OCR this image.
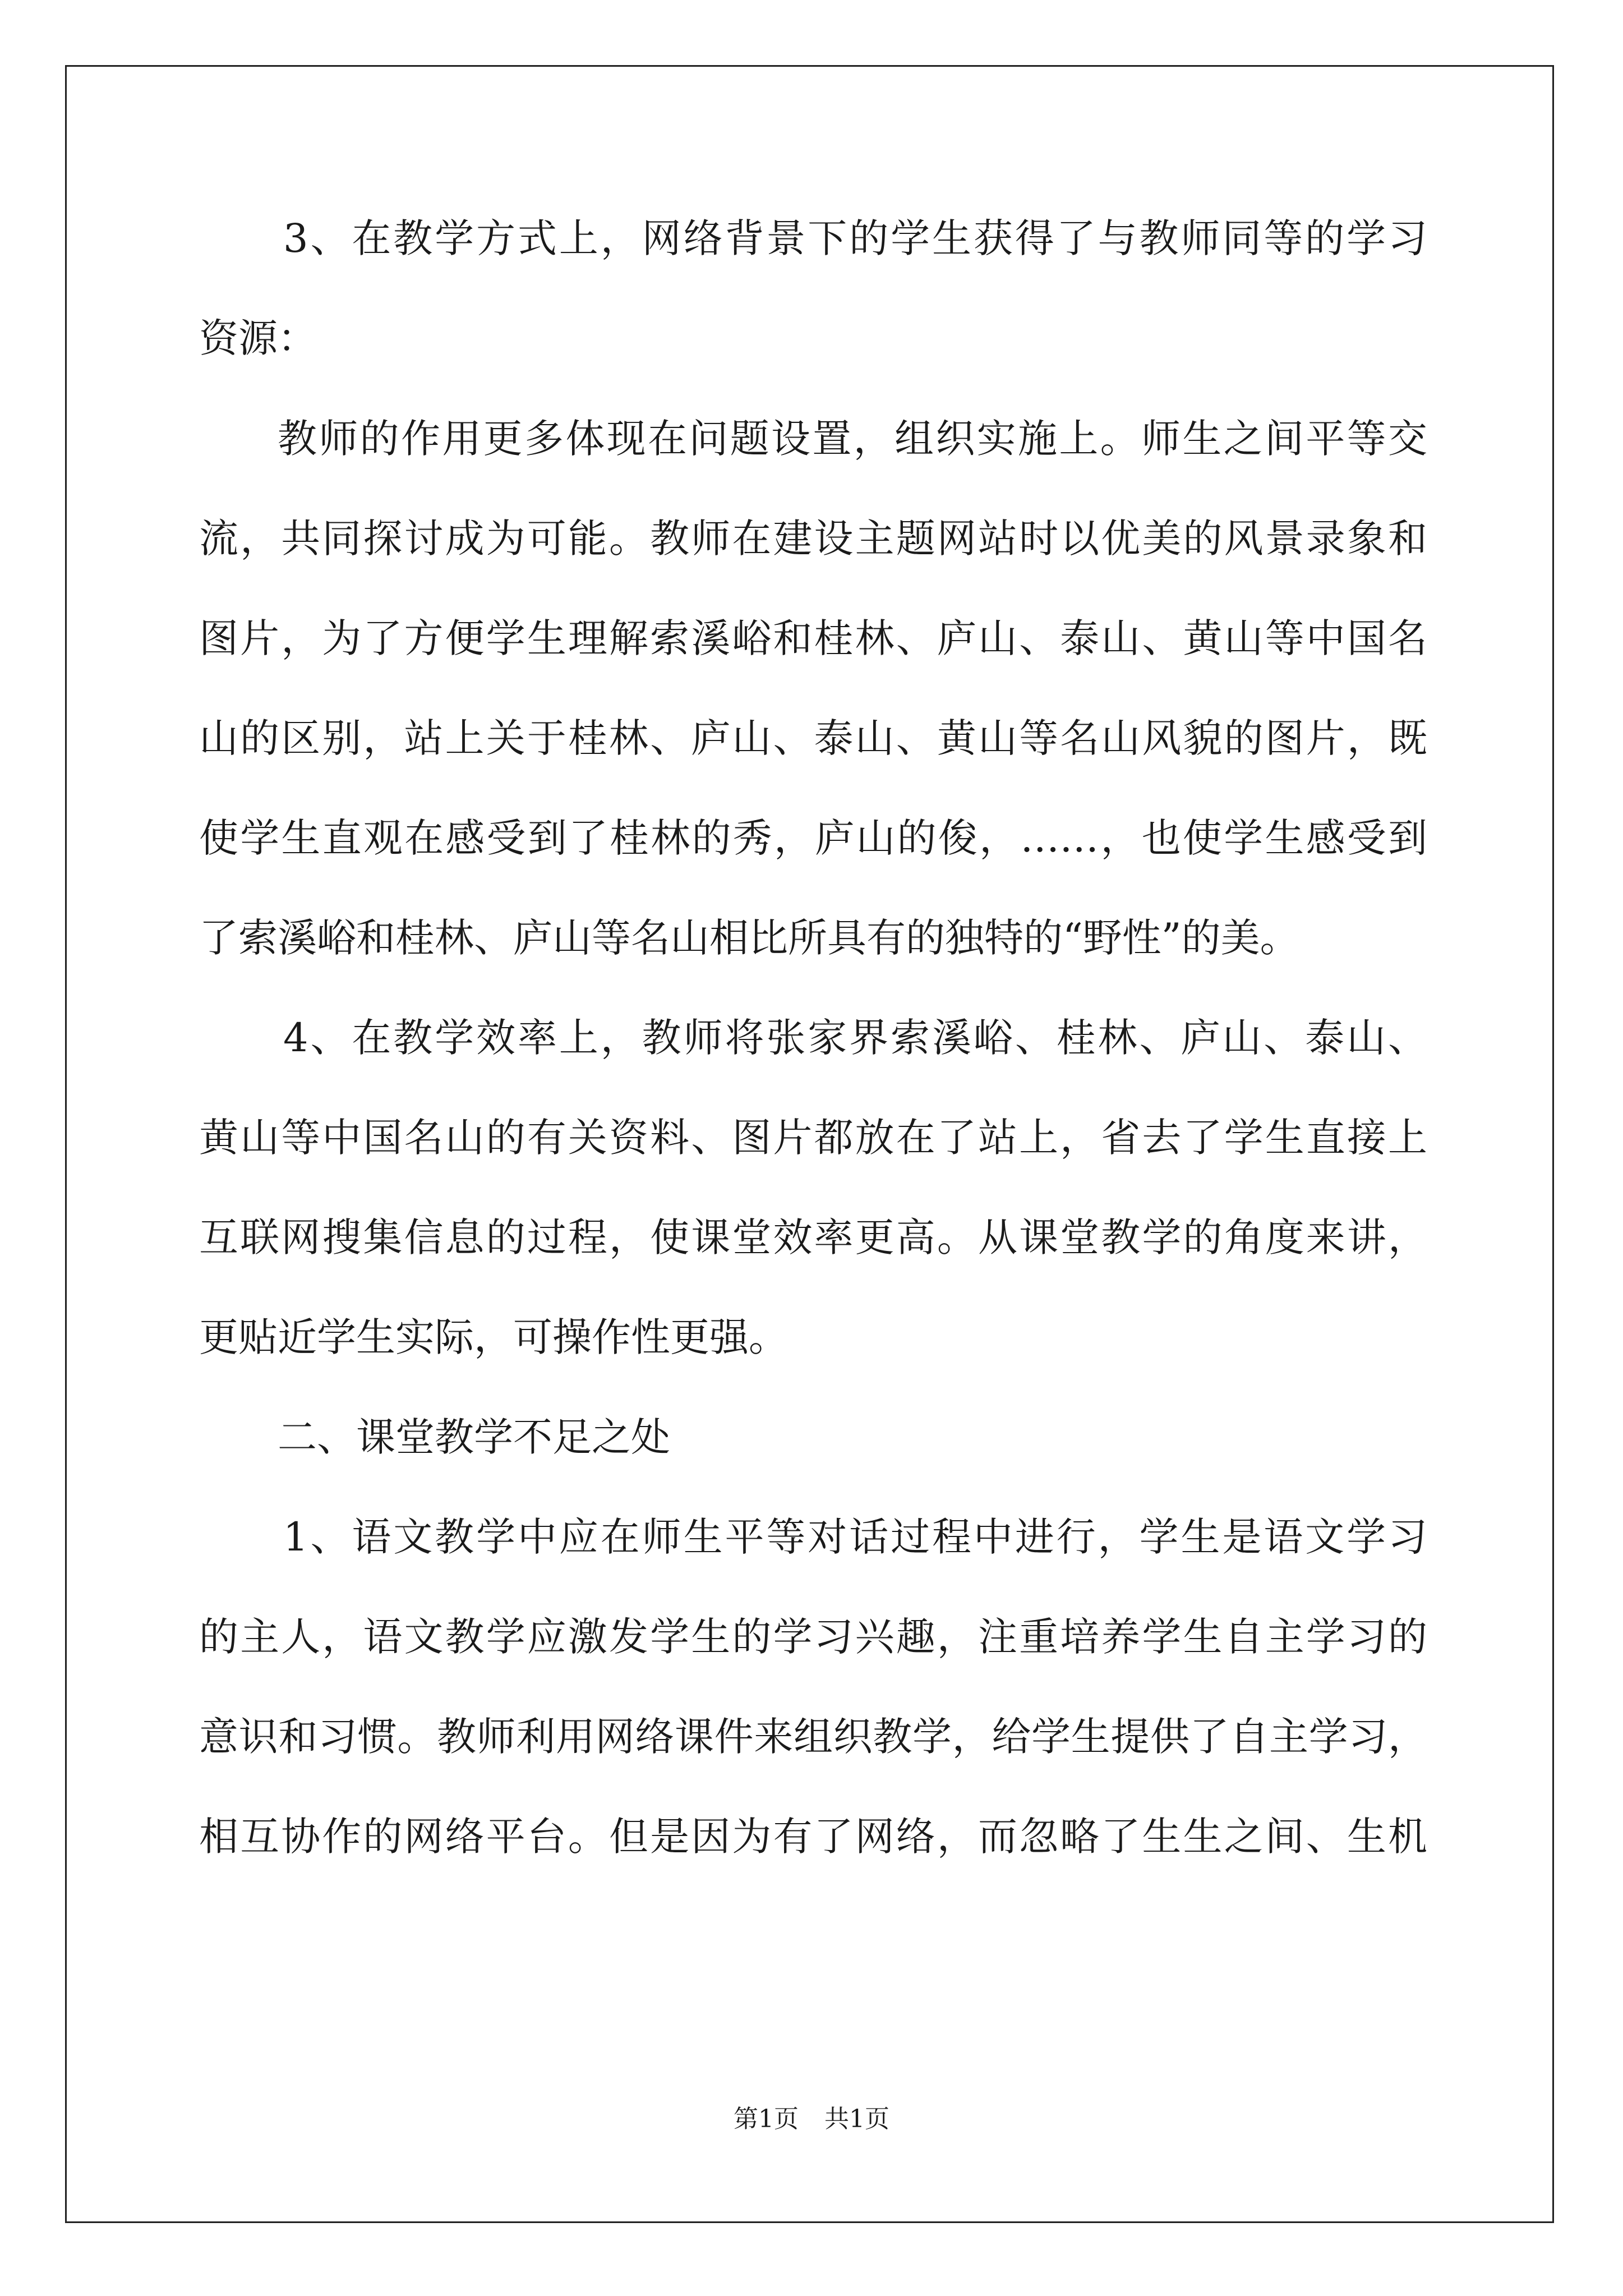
3、在教学方式上，网络背景下的学生获得了与教师同等的学习
资源：
教师的作用更多体现在问题设置，组织实施上。师生之间平等交
流，共同探讨成为可能。教师在建设主题网站时以优美的风景录象和
图片，为了方便学生理解索溪峪和桂林、庐山、泰山、黄山等中国名
山的区别，站上关于桂林、庐山、泰山、黄山等名山风貌的图片，既
使学生直观在感受到了桂林的秀，庐山的俊，……，也使学生感受到
了索溪峪和桂林、庐山等名山相比所具有的独特的“野性”的美。
4、在教学效率上，教师将张家界索溪峪、桂林、庐山、泰山、
黄山等中国名山的有关资料、图片都放在了站上，省去了学生直接上
互联网搜集信息的过程，使课堂效率更高。从课堂教学的角度来讲，
更贴近学生实际，可操作性更强。
二、课堂教学不足之处
1、语文教学中应在师生平等对话过程中进行，学生是语文学习
的主人，语文教学应激发学生的学习兴趣，注重培养学生自主学习的
意识和习惯。教师利用网络课件来组织教学，给学生提供了自主学习，
相互协作的网络平台。但是因为有了网络，而忽略了生生之间、生机
第1页 共1页
